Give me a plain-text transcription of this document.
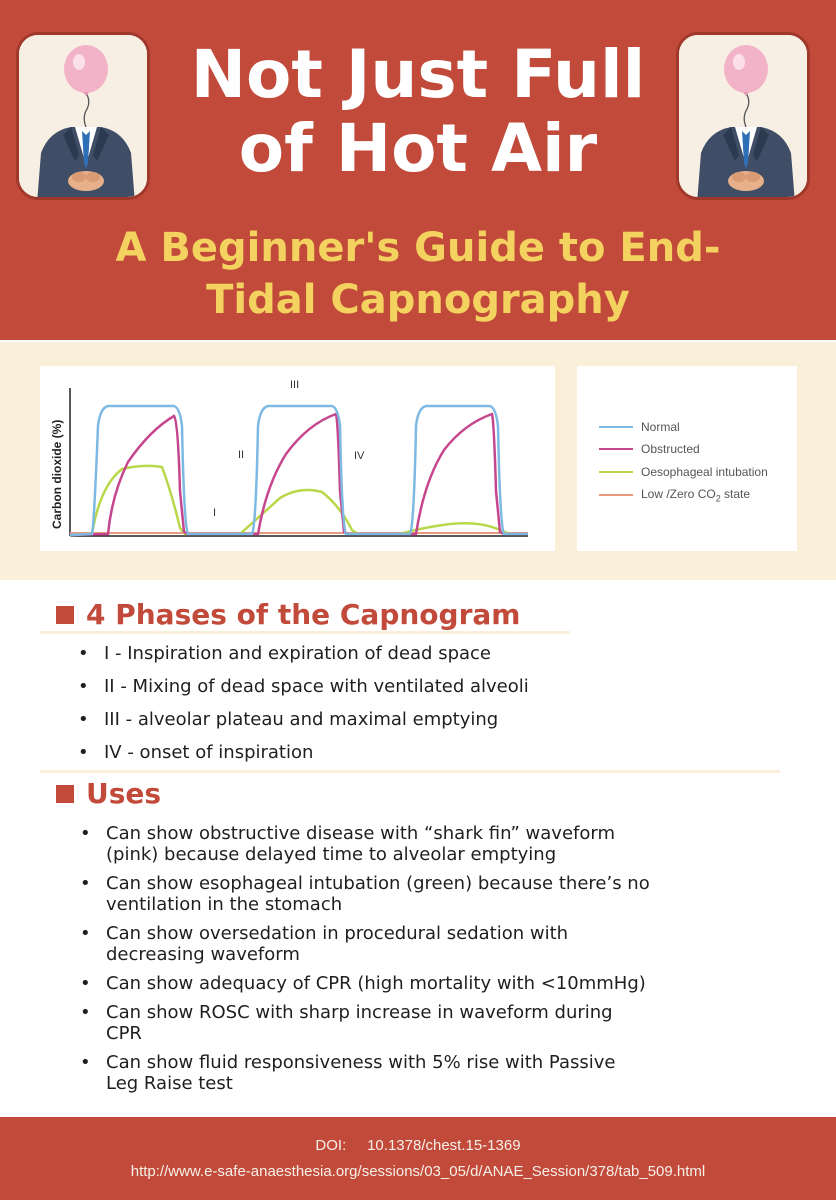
Not Just Full
of Hot Air
A Beginner's Guide to End-
Tidal Capnography
Carbon dioxide (%)	I
II
III
IV
Normal
Obstructed
Oesophageal intubation
Low /Zero $CO_2$ state
4 Phases of the Capnogram
• I - Inspiration and expiration of dead space
• II - Mixing of dead space with ventilated alveoli
• III - alveolar plateau and maximal emptying
• IV - onset of inspiration
Uses
• Can show obstructive disease with “shark fin” waveform
(pink) because delayed time to alveolar emptying
• Can show esophageal intubation (green) because there’s no
ventilation in the stomach
• Can show oversedation in procedural sedation with
decreasing waveform
• Can show adequacy of CPR (high mortality with <10mmHg)
• Can show ROSC with sharp increase in waveform during
CPR
• Can show fluid responsiveness with 5% rise with Passive
Leg Raise test
DOI:     10.1378/chest.15-1369
http://www.e-safe-anaesthesia.org/sessions/03_05/d/ANAE_Session/378/tab_509.html
